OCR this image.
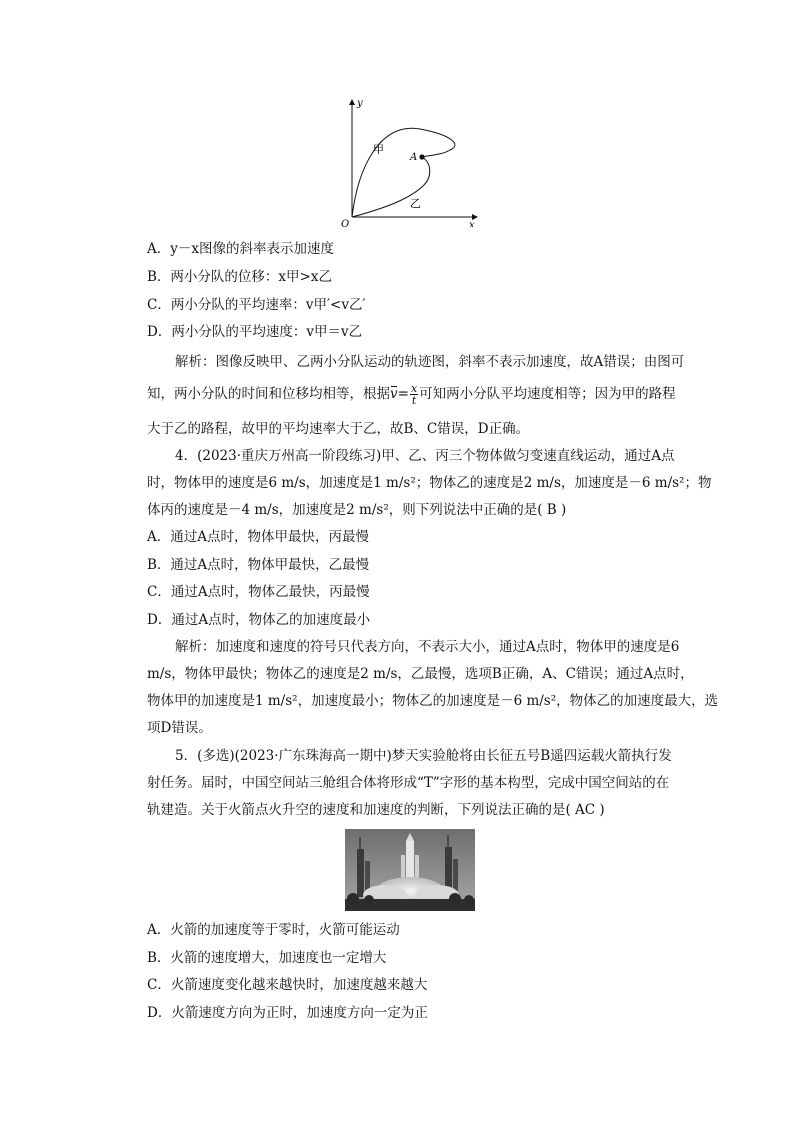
y
x
O
甲
乙
A
A．y－x图像的斜率表示加速度
B．两小分队的位移：x甲>x乙
C．两小分队的平均速率：v甲′<v乙′
D．两小分队的平均速度：v甲＝v乙
解析：图像反映甲、乙两小分队运动的轨迹图，斜率不表示加速度，故A错误；由图可
知，两小分队的时间和位移均相等，根据$v= \frac{x}{t}$ 可知两小分队平均速度相等；因为甲的路程
大于乙的路程，故甲的平均速率大于乙，故B、C错误，D正确。
4．(2023·重庆万州高一阶段练习)甲、乙、丙三个物体做匀变速直线运动，通过A点
时，物体甲的速度是6 m/s，加速度是1 m/s²；物体乙的速度是2 m/s，加速度是－6 m/s²；物
体丙的速度是－4 m/s，加速度是2 m/s²，则下列说法中正确的是( B )
A．通过A点时，物体甲最快，丙最慢
B．通过A点时，物体甲最快，乙最慢
C．通过A点时，物体乙最快，丙最慢
D．通过A点时，物体乙的加速度最小
解析：加速度和速度的符号只代表方向，不表示大小，通过A点时，物体甲的速度是6
m/s，物体甲最快；物体乙的速度是2 m/s，乙最慢，选项B正确，A、C错误；通过A点时，
物体甲的加速度是1 m/s²，加速度最小；物体乙的加速度是－6 m/s²，物体乙的加速度最大，选
项D错误。
5．(多选)(2023·广东珠海高一期中)梦天实验舱将由长征五号B遥四运载火箭执行发
射任务。届时，中国空间站三舱组合体将形成“T”字形的基本构型，完成中国空间站的在
轨建造。关于火箭点火升空的速度和加速度的判断，下列说法正确的是( AC )
A．火箭的加速度等于零时，火箭可能运动
B．火箭的速度增大，加速度也一定增大
C．火箭速度变化越来越快时，加速度越来越大
D．火箭速度方向为正时，加速度方向一定为正
